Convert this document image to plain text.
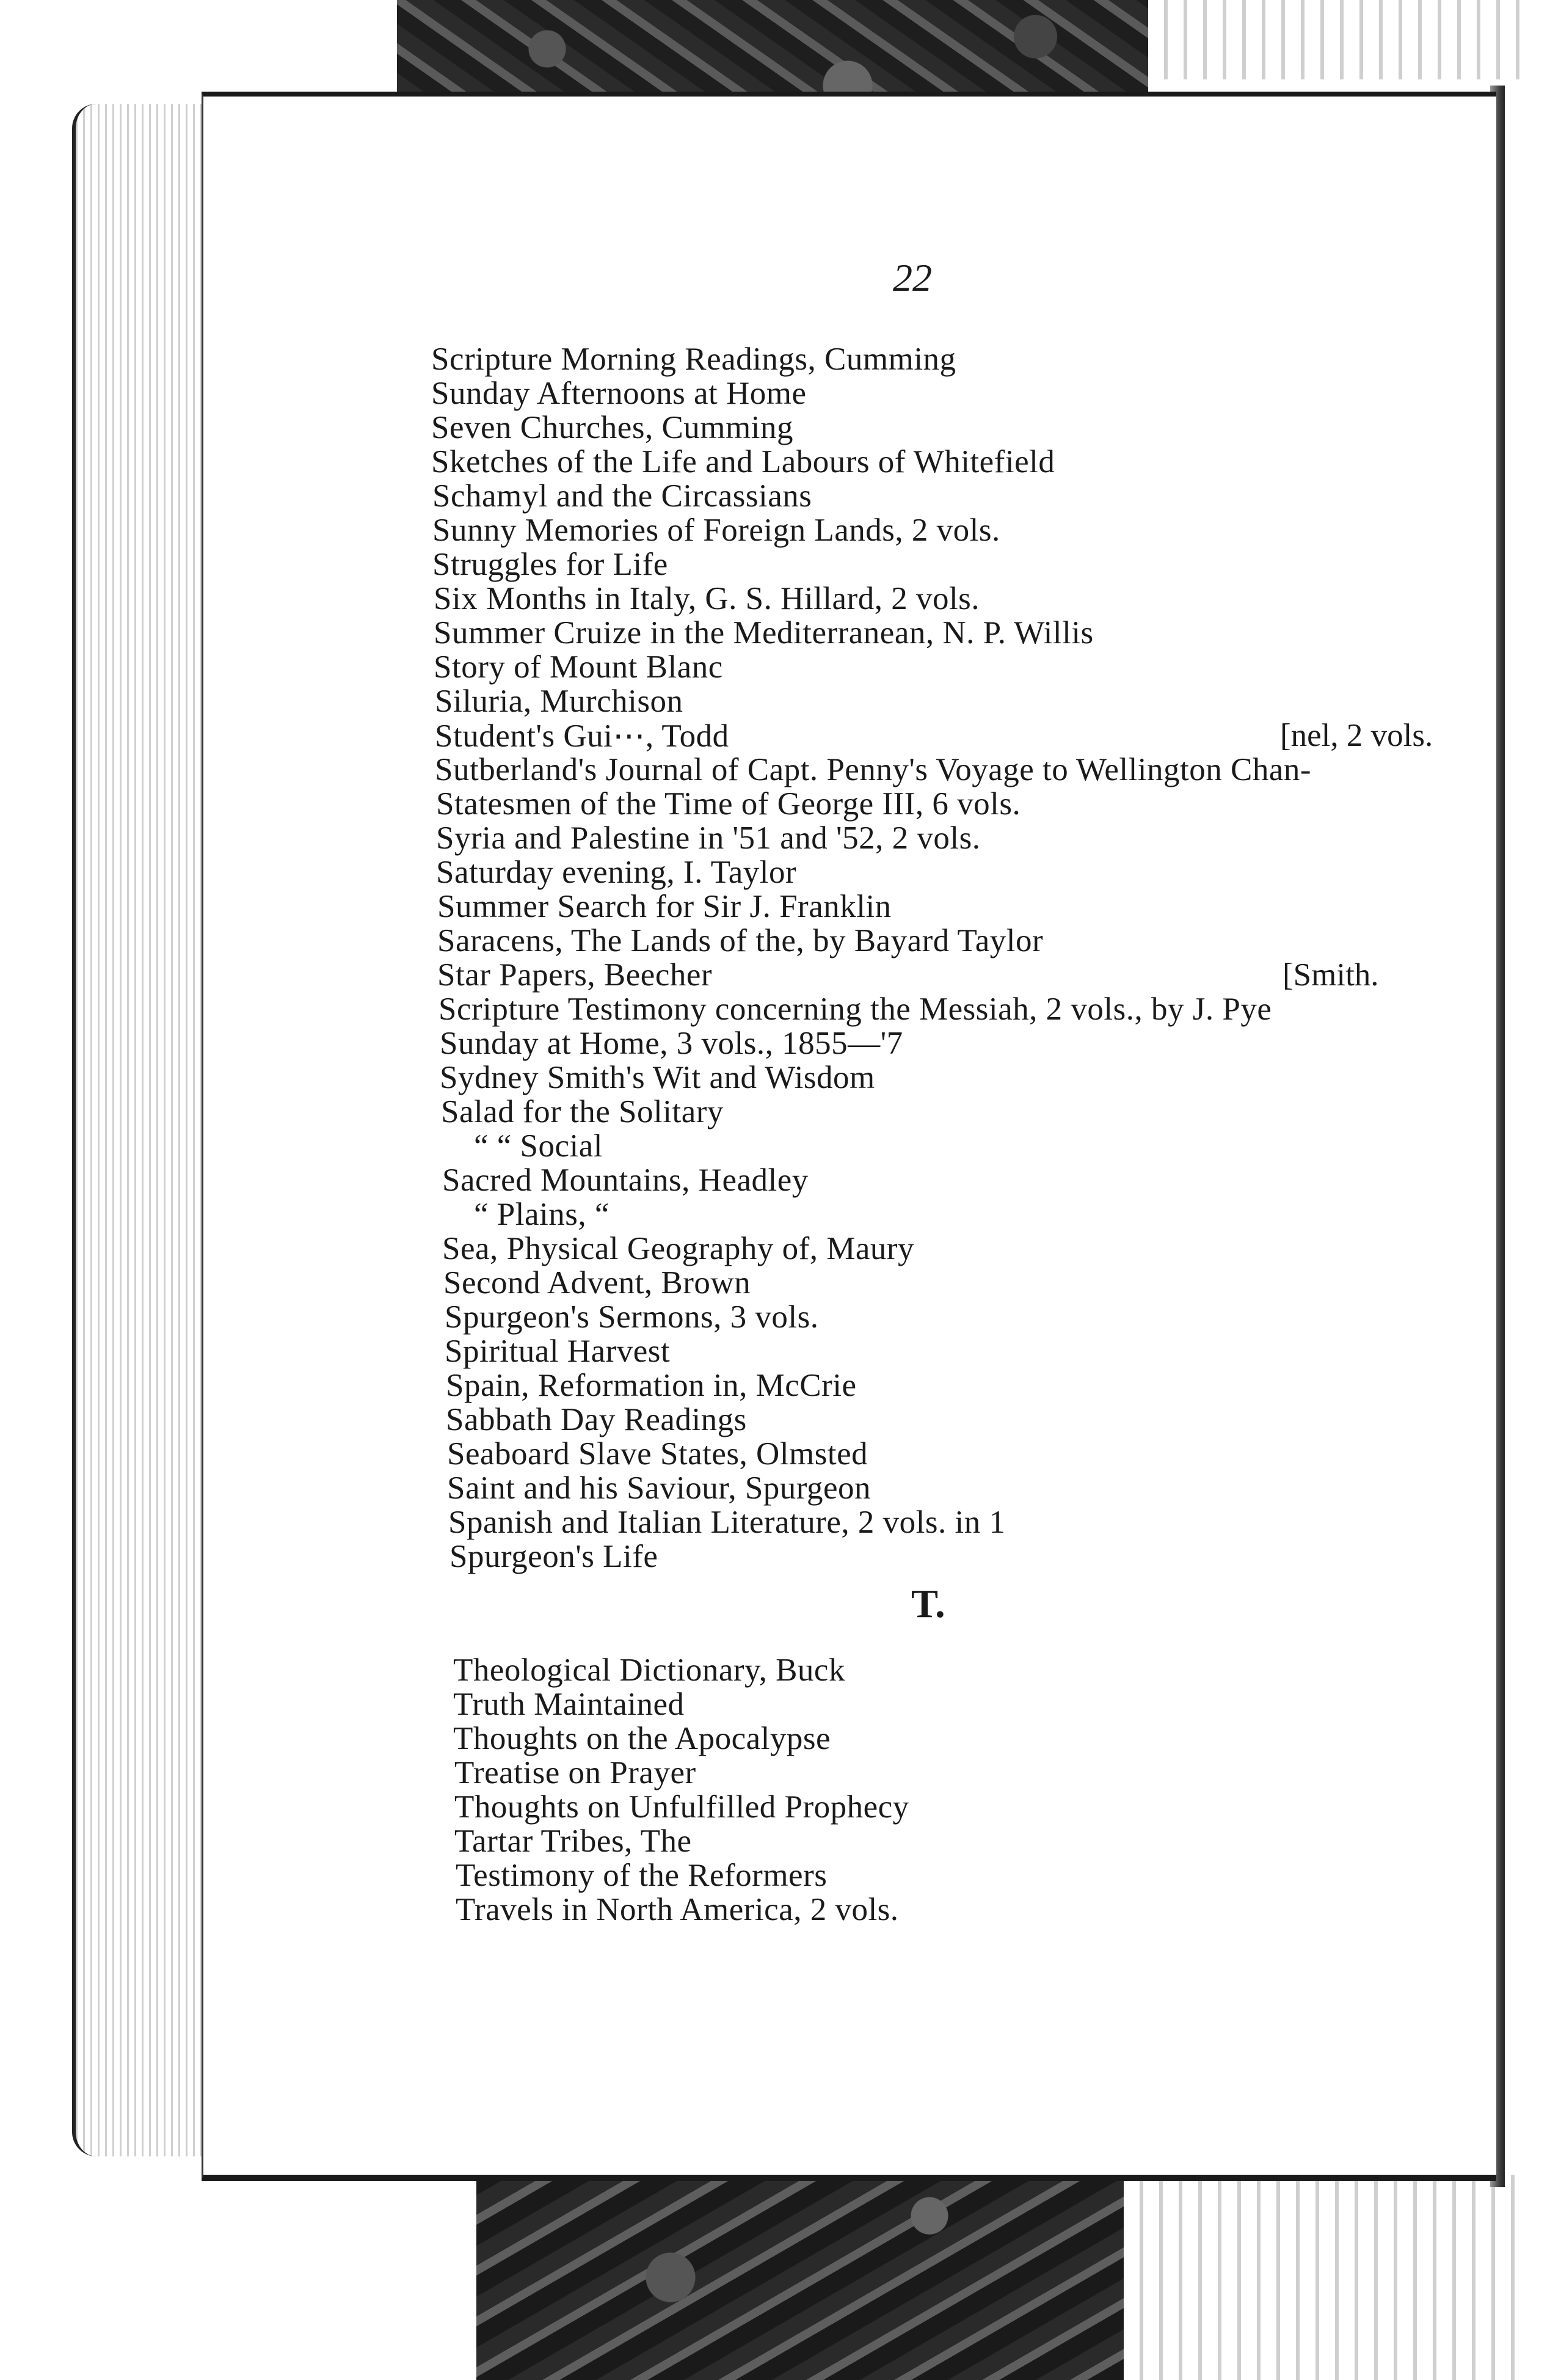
22
Scripture Morning Readings, Cumming
Sunday Afternoons at Home
Seven Churches, Cumming
Sketches of the Life and Labours of Whitefield
Schamyl and the Circassians
Sunny Memories of Foreign Lands, 2 vols.
Struggles for Life
Six Months in Italy, G. S. Hillard, 2 vols.
Summer Cruize in the Mediterranean, N. P. Willis
Story of Mount Blanc
Siluria, Murchison
Student's Gui⋯, Todd
Sutberland's Journal of Capt. Penny's Voyage to Wellington Chan-
Statesmen of the Time of George III, 6 vols.
Syria and Palestine in '51 and '52, 2 vols.
Saturday evening, I. Taylor
Summer Search for Sir J. Franklin
Saracens, The Lands of the, by Bayard Taylor
Star Papers, Beecher
Scripture Testimony concerning the Messiah, 2 vols., by J. Pye
Sunday at Home, 3 vols., 1855—'7
Sydney Smith's Wit and Wisdom
Salad for the Solitary
“ “ Social
Sacred Mountains, Headley
“ Plains, “
Sea, Physical Geography of, Maury
Second Advent, Brown
Spurgeon's Sermons, 3 vols.
Spiritual Harvest
Spain, Reformation in, McCrie
Sabbath Day Readings
Seaboard Slave States, Olmsted
Saint and his Saviour, Spurgeon
Spanish and Italian Literature, 2 vols. in 1
Spurgeon's Life
[nel, 2 vols.
[Smith.
T.
Theological Dictionary, Buck
Truth Maintained
Thoughts on the Apocalypse
Treatise on Prayer
Thoughts on Unfulfilled Prophecy
Tartar Tribes, The
Testimony of the Reformers
Travels in North America, 2 vols.
